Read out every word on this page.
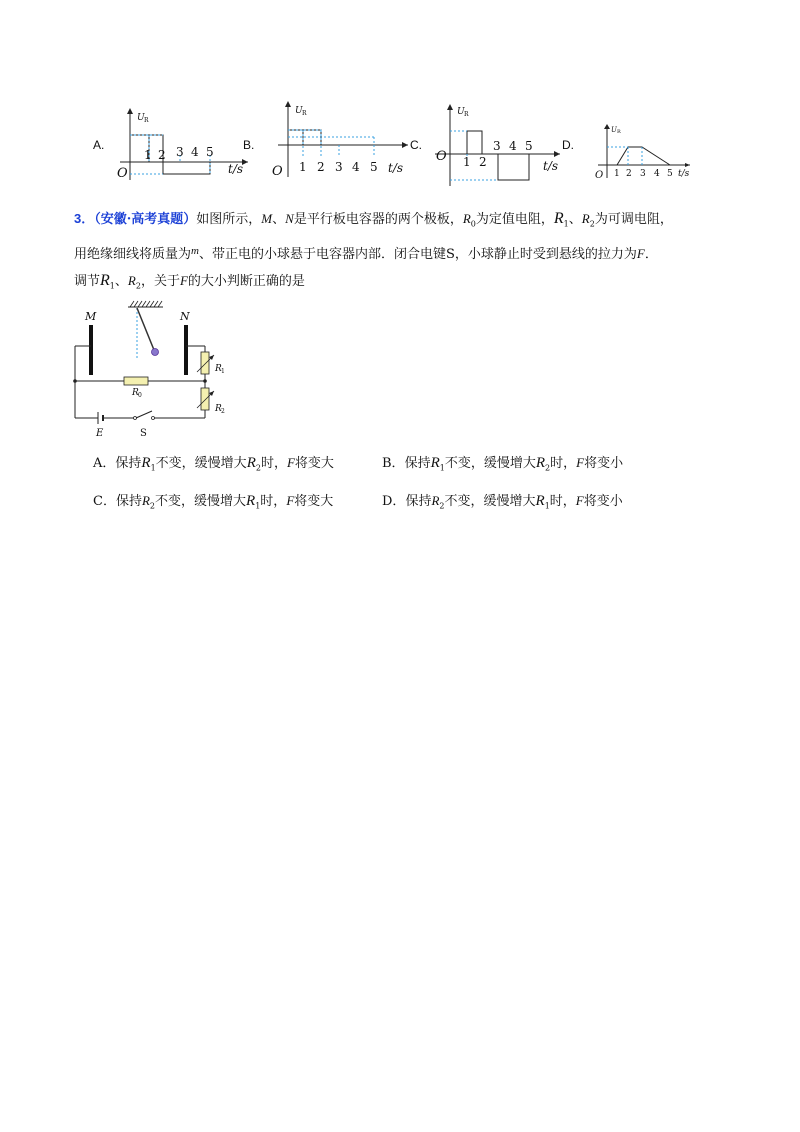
A.
U R
O
1 2 3 4 5
t/s
B.
U R
O 1 2 3 4 5 t/s
C.
U R
O 1 2
3 4 5
t/s
D.
U R
O 1 2 3 4 5 t/s
3．（安徽·高考真题）如图所示，M、N是平行板电容器的两个极板，$R_0$为定值电阻，$R_1$、$R_2$为可调电阻，
用绝缘细线将质量为$^m$、带正电的小球悬于电容器内部．闭合电键S，小球静止时受到悬线的拉力为F．
调节$R_1$、$R_2$，关于F的大小判断正确的是
M	N
R 0
R 1
R 2
E	S
A．保持$R_1$不变，缓慢增大$R_2$时，F将变大	B．保持$R_1$不变，缓慢增大$R_2$时，F将变小
C．保持$R_2$不变，缓慢增大$R_1$时，F将变大	D．保持$R_2$不变，缓慢增大$R_1$时，F将变小
